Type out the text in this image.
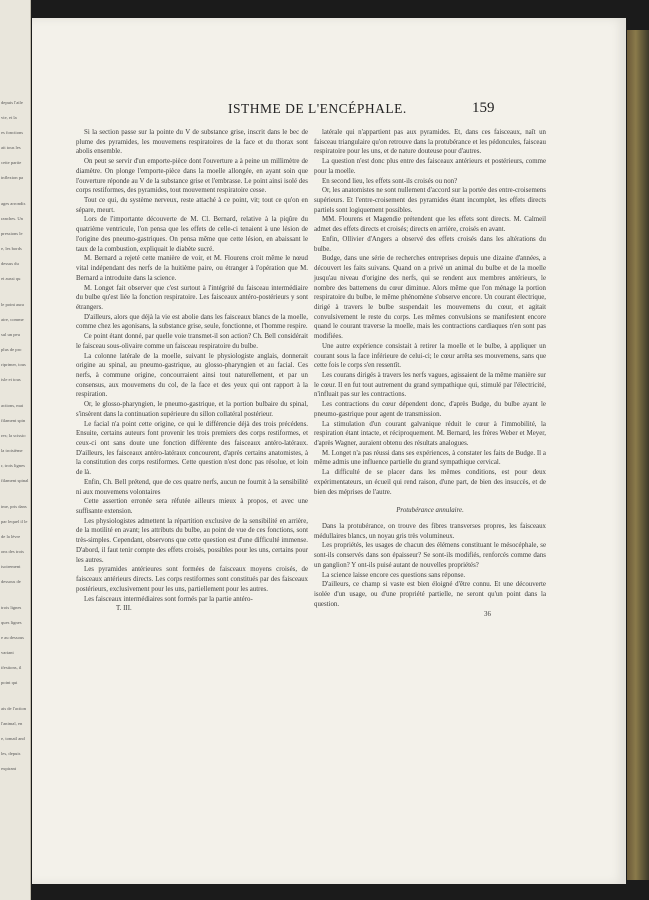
depuis l'aile
vie, et la
es fonctions
ait tous les
cette partie
inflexion pa
ages arrondis
ranches. Un
pressions le
e, les bords
dessus du
et aussi qu
le point aura
aire, comme
sul un peu
plus de pro
riprimer, tous
isle et tous
actions, mai
filament spin
res; la scissio
la troisième
r, trois lignes
filament spinal
ime, pris dans
par lequel il le
de la lèvre
ons des trois
isoirement
dessous de
trois lignes
ques lignes
e au dessous
variant
ifestions, il
point qui
ais de l'action
l'animal, en
e, tomatl and
les, depuis
expirant
ISTHME DE L'ENCÉPHALE.	159

Si la section passe sur la pointe du V de substance grise, inscrit dans le bec de plume des pyramides, les mouvemens respiratoires de la face et du thorax sont abolis ensemble.

On peut se servir d'un emporte-pièce dont l'ouverture a à peine un millimètre de diamètre. On plonge l'emporte-pièce dans la moelle allongée, en ayant soin que l'ouverture réponde au V de la substance grise et l'embrasse. Le point ainsi isolé des corps restiformes, des pyramides, tout mouvement respiratoire cesse.

Tout ce qui, du système nerveux, reste attaché à ce point, vit; tout ce qu'on en sépare, meurt.

Lors de l'importante découverte de M. Cl. Bernard, relative à la piqûre du quatrième ventricule, l'on pensa que les effets de celle-ci tenaient à une lésion de l'origine des pneumo-gastriques. On pensa même que cette lésion, en abaissant le taux de la combustion, expliquait le diabète sucré.

M. Bernard a rejeté cette manière de voir, et M. Flourens croit même le nœud vital indépendant des nerfs de la huitième paire, ou étranger à l'opération que M. Bernard a introduite dans la science.

M. Longet fait observer que c'est surtout à l'intégrité du faisceau intermédiaire du bulbe qu'est liée la fonction respiratoire. Les faisceaux antéro-postérieurs y sont étrangers.

D'ailleurs, alors que déjà la vie est abolie dans les faisceaux blancs de la moelle, comme chez les agonisans, la substance grise, seule, fonctionne, et l'homme respire.

Ce point étant donné, par quelle voie transmet-il son action? Ch. Bell considérait le faisceau sous-olivaire comme un faisceau respiratoire du bulbe.

La colonne latérale de la moelle, suivant le physiologiste anglais, donnerait origine au spinal, au pneumo-gastrique, au glosso-pharyngien et au facial. Ces nerfs, à commune origine, concourraient ainsi tout naturellement, et par un consensus, aux mouvemens du col, de la face et des yeux qui ont rapport à la respiration.

Or, le glosso-pharyngien, le pneumo-gastrique, et la portion bulbaire du spinal, s'insèrent dans la continuation supérieure du sillon collatéral postérieur.

Le facial n'a point cette origine, ce qui le différencie déjà des trois précédens. Ensuite, certains auteurs font provenir les trois premiers des corps restiformes, et ceux-ci ont sans doute une fonction différente des faisceaux antéro-latéraux. D'ailleurs, les faisceaux antéro-latéraux concourent, d'après certains anatomistes, à la constitution des corps restiformes. Cette question n'est donc pas résolue, et loin de là.

Enfin, Ch. Bell prétend, que de ces quatre nerfs, aucun ne fournit à la sensibilité ni aux mouvemens volontaires

Cette assertion erronée sera réfutée ailleurs mieux à propos, et avec une suffisante extension.

Les physiologistes admettent la répartition exclusive de la sensibilité en arrière, de la motilité en avant; les attributs du bulbe, au point de vue de ces fonctions, sont très-simples. Cependant, observons que cette question est d'une difficulté immense. D'abord, il faut tenir compte des effets croisés, possibles pour les uns, certains pour les autres.

Les pyramides antérieures sont formées de faisceaux moyens croisés, de faisceaux antérieurs directs. Les corps restiformes sont constitués par des faisceaux postérieurs, exclusivement pour les uns, partiellement pour les autres.

Les faisceaux intermédiaires sont formés par la partie antéro-

T. III.

latérale qui n'appartient pas aux pyramides. Et, dans ces faisceaux, naît un faisceau triangulaire qu'on retrouve dans la protubérance et les pédoncules, faisceau respiratoire pour les uns, et de nature douteuse pour d'autres.

La question n'est donc plus entre des faisceaux antérieurs et postérieurs, comme pour la moelle.

En second lieu, les effets sont-ils croisés ou non?

Or, les anatomistes ne sont nullement d'accord sur la portée des entre-croisemens supérieurs. Et l'entre-croisement des pyramides étant incomplet, les effets directs partiels sont logiquement possibles.

MM. Flourens et Magendie prétendent que les effets sont directs. M. Calmeil admet des effets directs et croisés; directs en arrière, croisés en avant.

Enfin, Ollivier d'Angers a observé des effets croisés dans les altérations du bulbe.

Budge, dans une série de recherches entreprises depuis une dizaine d'années, a découvert les faits suivans. Quand on a privé un animal du bulbe et de la moelle jusqu'au niveau d'origine des nerfs, qui se rendent aux membres antérieurs, le nombre des battemens du cœur diminue. Alors même que l'on ménage la portion respiratoire du bulbe, le même phénomène s'observe encore. Un courant électrique, dirigé à travers le bulbe suspendait les mouvemens du cœur, et agitait convulsivement le reste du corps. Les mêmes convulsions se manifestent encore quand le courant traverse la moelle, mais les contractions cardiaques n'en sont pas modifiées.

Une autre expérience consistait à retirer la moelle et le bulbe, à appliquer un courant sous la face inférieure de celui-ci; le cœur arrêta ses mouvemens, sans que cette fois le corps s'en ressentît.

Les courans dirigés à travers les nerfs vagues, agissaient de la même manière sur le cœur. Il en fut tout autrement du grand sympathique qui, stimulé par l'électricité, n'influait pas sur les contractions.

Les contractions du cœur dépendent donc, d'après Budge, du bulbe ayant le pneumo-gastrique pour agent de transmission.

La stimulation d'un courant galvanique réduit le cœur à l'immobilité, la respiration étant intacte, et réciproquement. M. Bernard, les frères Weber et Meyer, d'après Wagner, auraient obtenu des résultats analogues.

M. Longet n'a pas réussi dans ses expériences, à constater les faits de Budge. Il a même admis une influence partielle du grand sympathique cervical.

La difficulté de se placer dans les mêmes conditions, est pour deux expérimentateurs, un écueil qui rend raison, d'une part, de bien des insuccès, et de bien des méprises de l'autre.

Protubérance annulaire.

Dans la protubérance, on trouve des fibres transverses propres, les faisceaux médullaires blancs, un noyau gris très volumineux.

Les propriétés, les usages de chacun des élémens constituant le mésocéphale, se sont-ils conservés dans son épaisseur? Se sont-ils modifiés, renforcés comme dans un ganglion? Y ont-ils puisé autant de nouvelles propriétés?

La science laisse encore ces questions sans réponse.

D'ailleurs, ce champ si vaste est bien éloigné d'être connu. Et une découverte isolée d'un usage, ou d'une propriété partielle, ne seront qu'un point dans la question.

36
